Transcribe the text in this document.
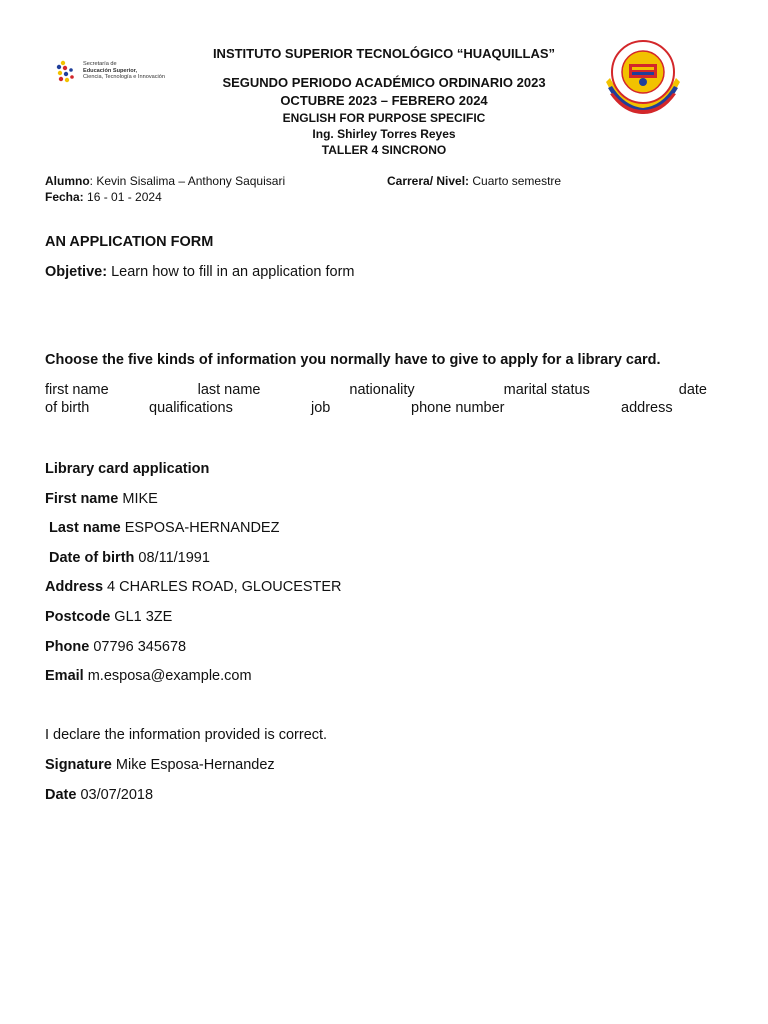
Secretaría de
Educación Superior,
Ciencia, Tecnología e Innovación
INSTITUTO SUPERIOR TECNOLÓGICO “HUAQUILLAS”
SEGUNDO PERIODO ACADÉMICO ORDINARIO 2023
OCTUBRE 2023 – FEBRERO 2024
ENGLISH FOR PURPOSE SPECIFIC
Ing. Shirley Torres Reyes
TALLER 4 SINCRONO
Alumno: Kevin Sisalima – Anthony Saquisari	Carrera/ Nivel: Cuarto semestre
Fecha: 16 - 01 - 2024
AN APPLICATION FORM
Objetive: Learn how to fill in an application form
Choose the five kinds of information you normally have to give to apply for a library card.
first name	last name	nationality	marital status	date
of birth	qualifications	job	phone number	address
Library card application
First name MIKE
Last name ESPOSA-HERNANDEZ
Date of birth 08/11/1991
Address 4 CHARLES ROAD, GLOUCESTER
Postcode GL1 3ZE
Phone 07796 345678
Email m.esposa@example.com
I declare the information provided is correct.
Signature Mike Esposa-Hernandez
Date 03/07/2018
